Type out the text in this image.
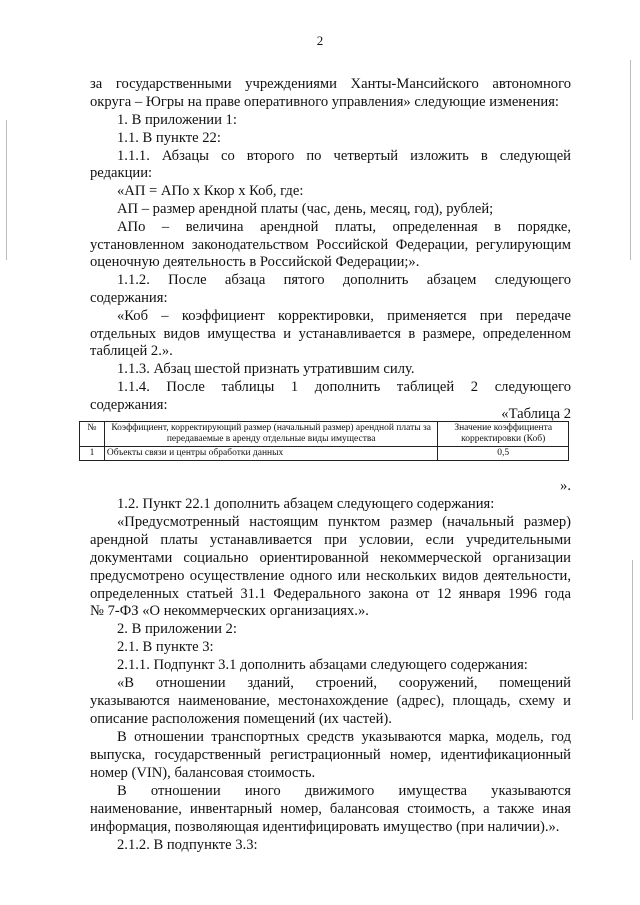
2
за государственными учреждениями Ханты-Мансийского автономного
округа – Югры на праве оперативного управления» следующие изменения:
1. В приложении 1:
1.1. В пункте 22:
1.1.1. Абзацы со второго по четвертый изложить в следующей
редакции:
«АП = АПо x Ккор x Коб, где:
АП – размер арендной платы (час, день, месяц, год), рублей;
АПо – величина арендной платы, определенная в порядке,
установленном законодательством Российской Федерации, регулирующим
оценочную деятельность в Российской Федерации;».
1.1.2. После абзаца пятого дополнить абзацем следующего
содержания:
«Коб – коэффициент корректировки, применяется при передаче
отдельных видов имущества и устанавливается в размере, определенном
таблицей 2.».
1.1.3. Абзац шестой признать утратившим силу.
1.1.4. После таблицы 1 дополнить таблицей 2 следующего
содержания:
«Таблица 2
№	Коэффициент, корректирующий размер (начальный размер) арендной платы за передаваемые в аренду отдельные виды имущества	Значение коэффициента корректировки (Коб)
1	Объекты связи и центры обработки данных	0,5
».
1.2. Пункт 22.1 дополнить абзацем следующего содержания:
«Предусмотренный настоящим пунктом размер (начальный размер)
арендной платы устанавливается при условии, если учредительными
документами социально ориентированной некоммерческой организации
предусмотрено осуществление одного или нескольких видов деятельности,
определенных статьей 31.1 Федерального закона от 12 января 1996 года
№ 7-ФЗ «О некоммерческих организациях.».
2. В приложении 2:
2.1. В пункте 3:
2.1.1. Подпункт 3.1 дополнить абзацами следующего содержания:
«В отношении зданий, строений, сооружений, помещений
указываются наименование, местонахождение (адрес), площадь, схему и
описание расположения помещений (их частей).
В отношении транспортных средств указываются марка, модель, год
выпуска, государственный регистрационный номер, идентификационный
номер (VIN), балансовая стоимость.
В отношении иного движимого имущества указываются
наименование, инвентарный номер, балансовая стоимость, а также иная
информация, позволяющая идентифицировать имущество (при наличии).».
2.1.2. В подпункте 3.3:
